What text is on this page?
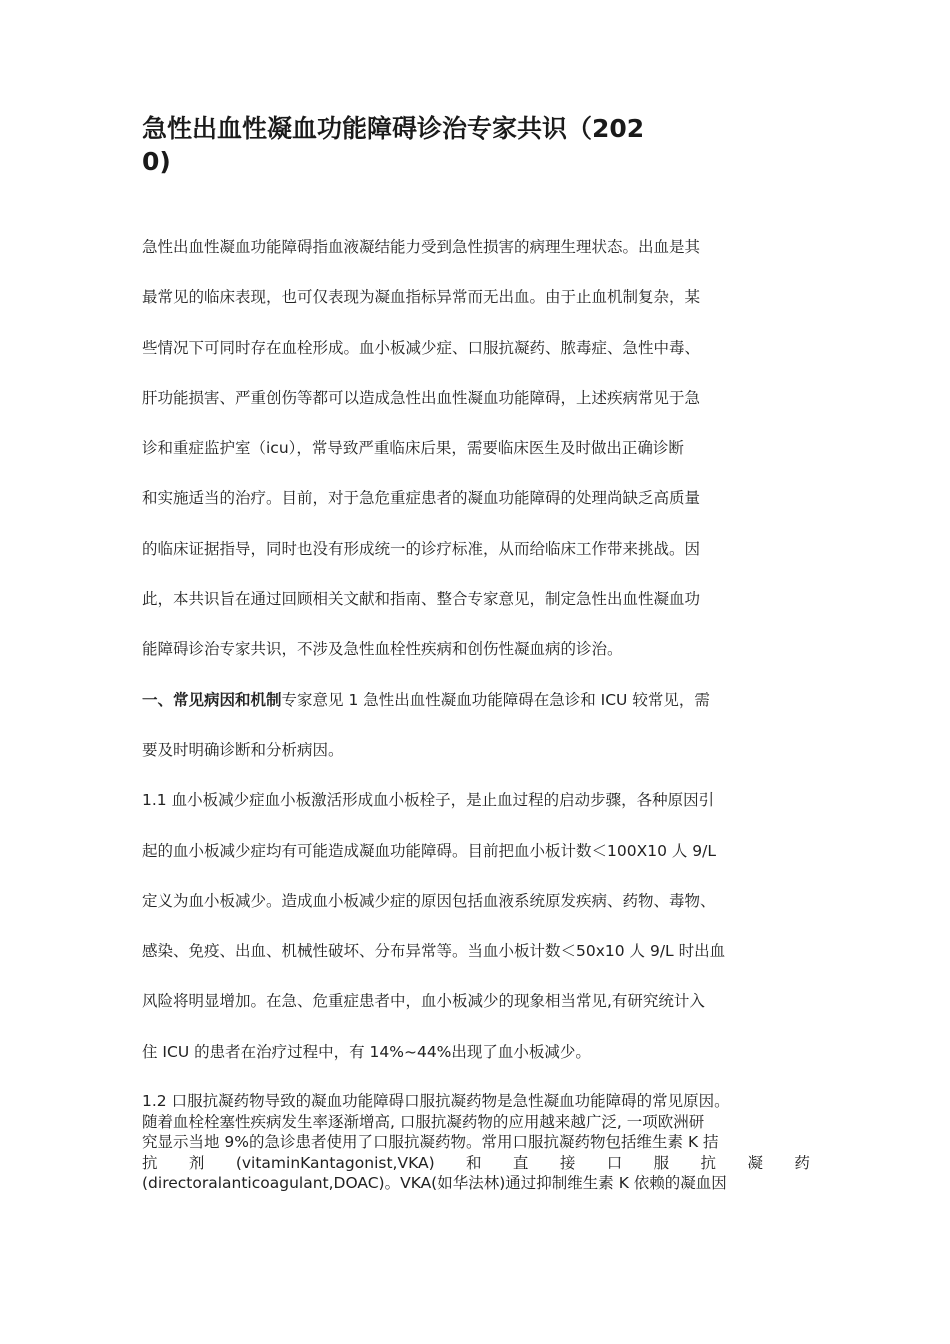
急性出血性凝血功能障碍诊治专家共识（202
0)
急性出血性凝血功能障碍指血液凝结能力受到急性损害的病理生理状态。出血是其
最常见的临床表现，也可仅表现为凝血指标异常而无出血。由于止血机制复杂，某
些情况下可同时存在血栓形成。血小板减少症、口服抗凝药、脓毒症、急性中毒、
肝功能损害、严重创伤等都可以造成急性出血性凝血功能障碍，上述疾病常见于急
诊和重症监护室（icu），常导致严重临床后果，需要临床医生及时做出正确诊断
和实施适当的治疗。目前，对于急危重症患者的凝血功能障碍的处理尚缺乏高质量
的临床证据指导，同时也没有形成统一的诊疗标准，从而给临床工作带来挑战。因
此，本共识旨在通过回顾相关文献和指南、整合专家意见，制定急性出血性凝血功
能障碍诊治专家共识，不涉及急性血栓性疾病和创伤性凝血病的诊治。
一、常见病因和机制专家意见 1 急性出血性凝血功能障碍在急诊和 ICU 较常见，需
要及时明确诊断和分析病因。
1.1 血小板减少症血小板激活形成血小板栓子，是止血过程的启动步骤，各种原因引
起的血小板减少症均有可能造成凝血功能障碍。目前把血小板计数＜100X10 人 9/L
定义为血小板减少。造成血小板减少症的原因包括血液系统原发疾病、药物、毒物、
感染、免疫、出血、机械性破坏、分布异常等。当血小板计数＜50x10 人 9/L 时出血
风险将明显增加。在急、危重症患者中，血小板减少的现象相当常见,有研究统计入
住 ICU 的患者在治疗过程中，有 14%~44%出现了血小板减少。
1.2 口服抗凝药物导致的凝血功能障碍口服抗凝药物是急性凝血功能障碍的常见原因。
随着血栓栓塞性疾病发生率逐渐增高, 口服抗凝药物的应用越来越广泛, 一项欧洲研
究显示当地 9%的急诊患者使用了口服抗凝药物。常用口服抗凝药物包括维生素 K 拮
抗 剂 (vitaminKantagonist,VKA) 和 直 接 口 服 抗 凝 药
(directoralanticoagulant,DOAC)。VKA(如华法林)通过抑制维生素 K 依赖的凝血因
